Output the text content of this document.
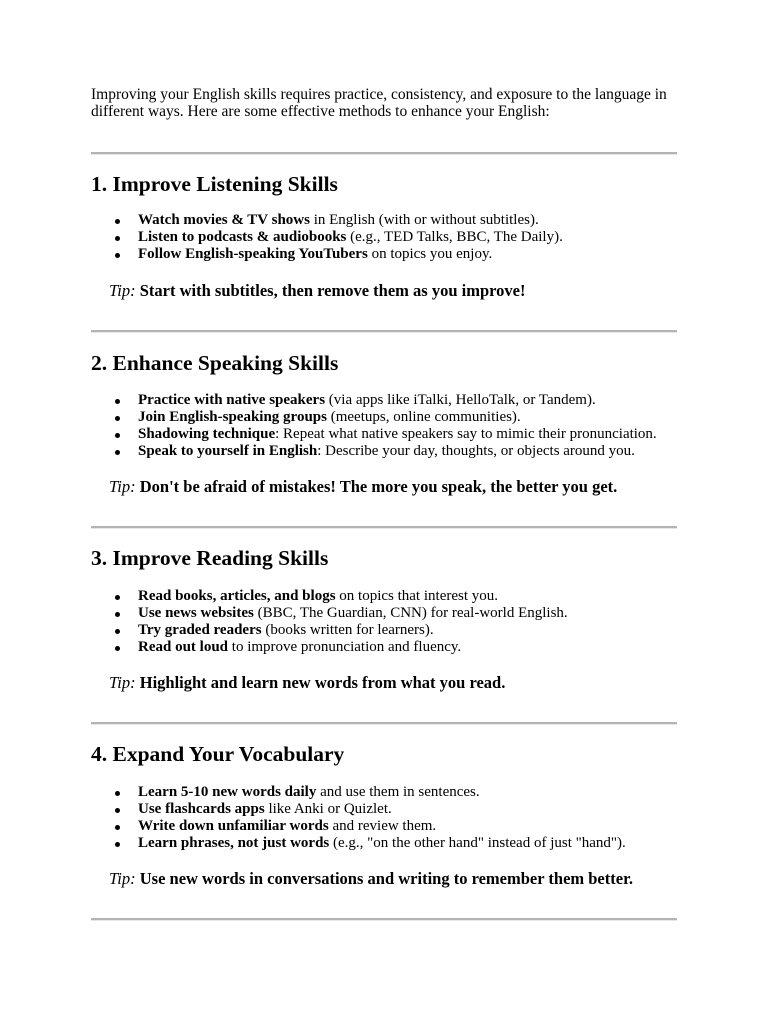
Improving your English skills requires practice, consistency, and exposure to the language in different ways. Here are some effective methods to enhance your English:

1. Improve Listening Skills
Watch movies & TV shows in English (with or without subtitles).
Listen to podcasts & audiobooks (e.g., TED Talks, BBC, The Daily).
Follow English-speaking YouTubers on topics you enjoy.

Tip: Start with subtitles, then remove them as you improve!

2. Enhance Speaking Skills
Practice with native speakers (via apps like iTalki, HelloTalk, or Tandem).
Join English-speaking groups (meetups, online communities).
Shadowing technique: Repeat what native speakers say to mimic their pronunciation.
Speak to yourself in English: Describe your day, thoughts, or objects around you.

Tip: Don't be afraid of mistakes! The more you speak, the better you get.

3. Improve Reading Skills
Read books, articles, and blogs on topics that interest you.
Use news websites (BBC, The Guardian, CNN) for real-world English.
Try graded readers (books written for learners).
Read out loud to improve pronunciation and fluency.

Tip: Highlight and learn new words from what you read.

4. Expand Your Vocabulary
Learn 5-10 new words daily and use them in sentences.
Use flashcards apps like Anki or Quizlet.
Write down unfamiliar words and review them.
Learn phrases, not just words (e.g., "on the other hand" instead of just "hand").

Tip: Use new words in conversations and writing to remember them better.
